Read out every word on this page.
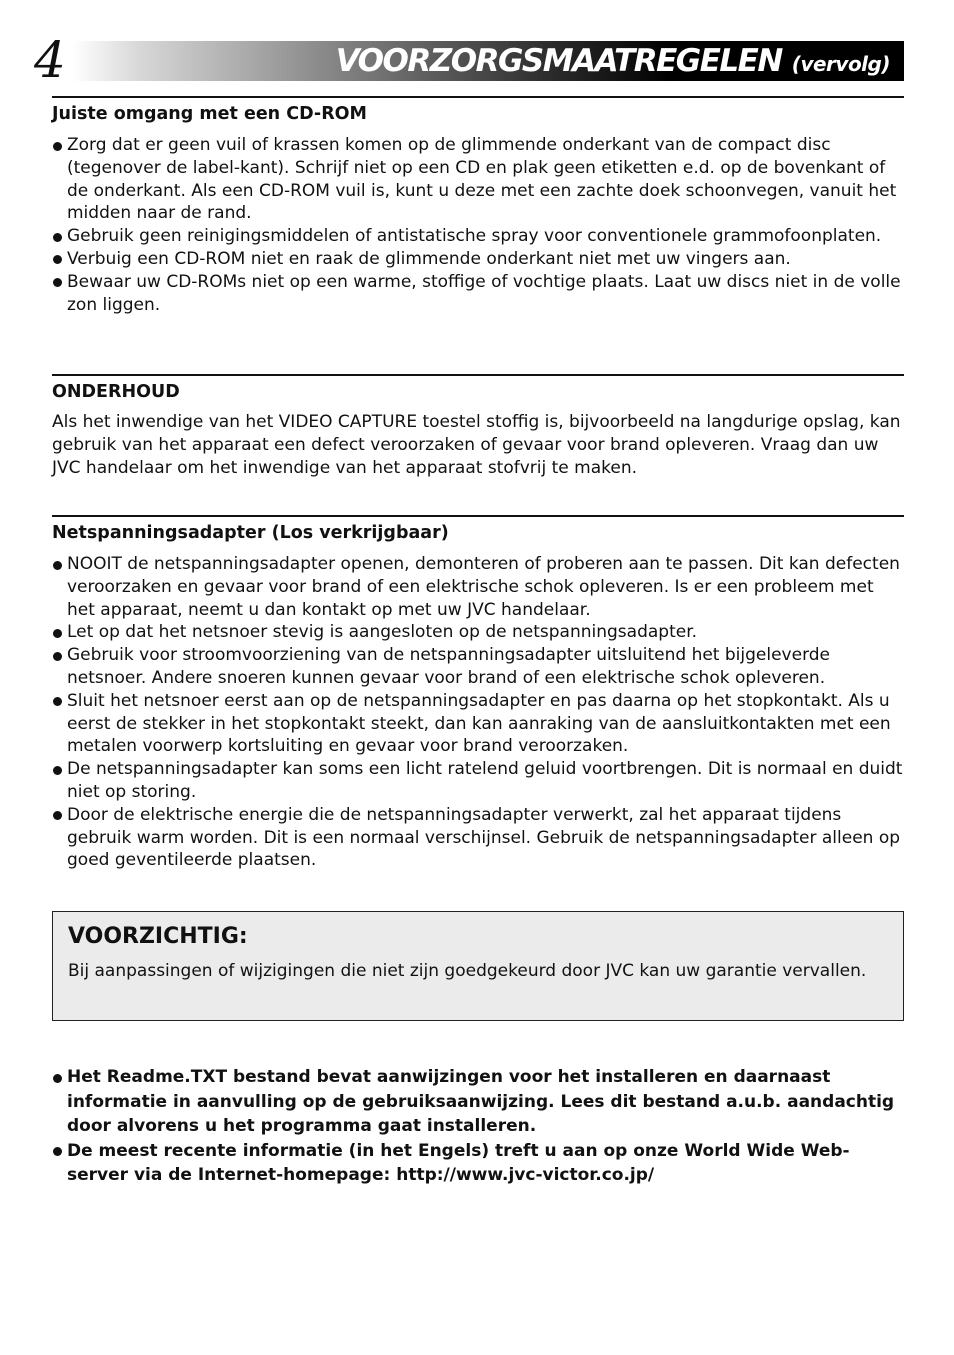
4	VOORZORGSMAATREGELEN (vervolg)

Juiste omgang met een CD-ROM

Zorg dat er geen vuil of krassen komen op de glimmende onderkant van de compact disc (tegenover de label-kant). Schrijf niet op een CD en plak geen etiketten e.d. op de bovenkant of de onderkant. Als een CD-ROM vuil is, kunt u deze met een zachte doek schoonvegen, vanuit het midden naar de rand.
Gebruik geen reinigingsmiddelen of antistatische spray voor conventionele grammofoonplaten.
Verbuig een CD-ROM niet en raak de glimmende onderkant niet met uw vingers aan.
Bewaar uw CD-ROMs niet op een warme, stoffige of vochtige plaats. Laat uw discs niet in de volle zon liggen.

ONDERHOUD

Als het inwendige van het VIDEO CAPTURE toestel stoffig is, bijvoorbeeld na langdurige opslag, kan gebruik van het apparaat een defect veroorzaken of gevaar voor brand opleveren. Vraag dan uw JVC handelaar om het inwendige van het apparaat stofvrij te maken.

Netspanningsadapter (Los verkrijgbaar)

NOOIT de netspanningsadapter openen, demonteren of proberen aan te passen. Dit kan defecten veroorzaken en gevaar voor brand of een elektrische schok opleveren. Is er een probleem met het apparaat, neemt u dan kontakt op met uw JVC handelaar.
Let op dat het netsnoer stevig is aangesloten op de netspanningsadapter.
Gebruik voor stroomvoorziening van de netspanningsadapter uitsluitend het bijgeleverde netsnoer. Andere snoeren kunnen gevaar voor brand of een elektrische schok opleveren.
Sluit het netsnoer eerst aan op de netspanningsadapter en pas daarna op het stopkontakt. Als u eerst de stekker in het stopkontakt steekt, dan kan aanraking van de aansluitkontakten met een metalen voorwerp kortsluiting en gevaar voor brand veroorzaken.
De netspanningsadapter kan soms een licht ratelend geluid voortbrengen. Dit is normaal en duidt niet op storing.
Door de elektrische energie die de netspanningsadapter verwerkt, zal het apparaat tijdens gebruik warm worden. Dit is een normaal verschijnsel. Gebruik de netspanningsadapter alleen op goed geventileerde plaatsen.
VOORZICHTIG:
Bij aanpassingen of wijzigingen die niet zijn goedgekeurd door JVC kan uw garantie vervallen.
Het Readme.TXT bestand bevat aanwijzingen voor het installeren en daarnaast informatie in aanvulling op de gebruiksaanwijzing. Lees dit bestand a.u.b. aandachtig door alvorens u het programma gaat installeren.
De meest recente informatie (in het Engels) treft u aan op onze World Wide Web-server via de Internet-homepage: http://www.jvc-victor.co.jp/
